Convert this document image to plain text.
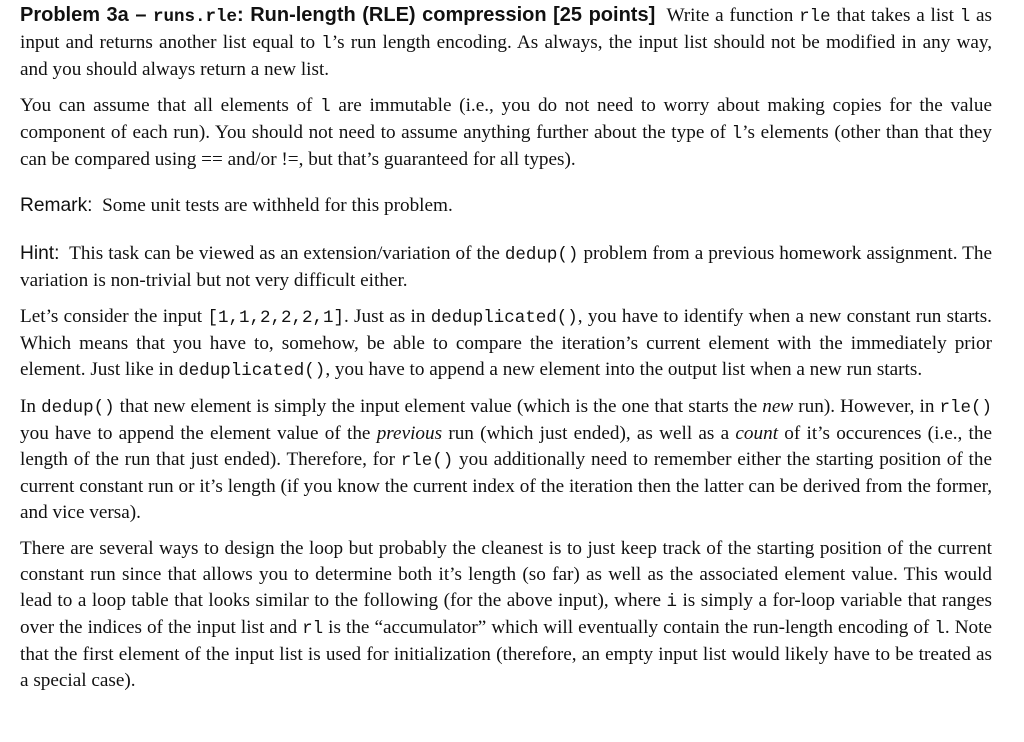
Problem 3a – runs.rle: Run-length (RLE) compression [25 points]  Write a function rle that takes a list l as input and returns another list equal to l’s run length encoding. As always, the input list should not be modified in any way, and you should always return a new list.

You can assume that all elements of l are immutable (i.e., you do not need to worry about making copies for the value component of each run). You should not need to assume anything further about the type of l’s elements (other than that they can be compared using == and/or !=, but that’s guaranteed for all types).

Remark:  Some unit tests are withheld for this problem.

Hint:  This task can be viewed as an extension/variation of the dedup() problem from a previous homework assignment. The variation is non-trivial but not very difficult either.

Let’s consider the input [1,1,2,2,2,1]. Just as in deduplicated(), you have to identify when a new constant run starts. Which means that you have to, somehow, be able to compare the iteration’s current element with the immediately prior element. Just like in deduplicated(), you have to append a new element into the output list when a new run starts.

In dedup() that new element is simply the input element value (which is the one that starts the new run). However, in rle() you have to append the element value of the previous run (which just ended), as well as a count of it’s occurences (i.e., the length of the run that just ended). Therefore, for rle() you additionally need to remember either the starting position of the current constant run or it’s length (if you know the current index of the iteration then the latter can be derived from the former, and vice versa).

There are several ways to design the loop but probably the cleanest is to just keep track of the starting position of the current constant run since that allows you to determine both it’s length (so far) as well as the associated element value. This would lead to a loop table that looks similar to the following (for the above input), where i is simply a for-loop variable that ranges over the indices of the input list and rl is the “accumulator” which will eventually contain the run-length encoding of l. Note that the first element of the input list is used for initialization (therefore, an empty input list would likely have to be treated as a special case).
